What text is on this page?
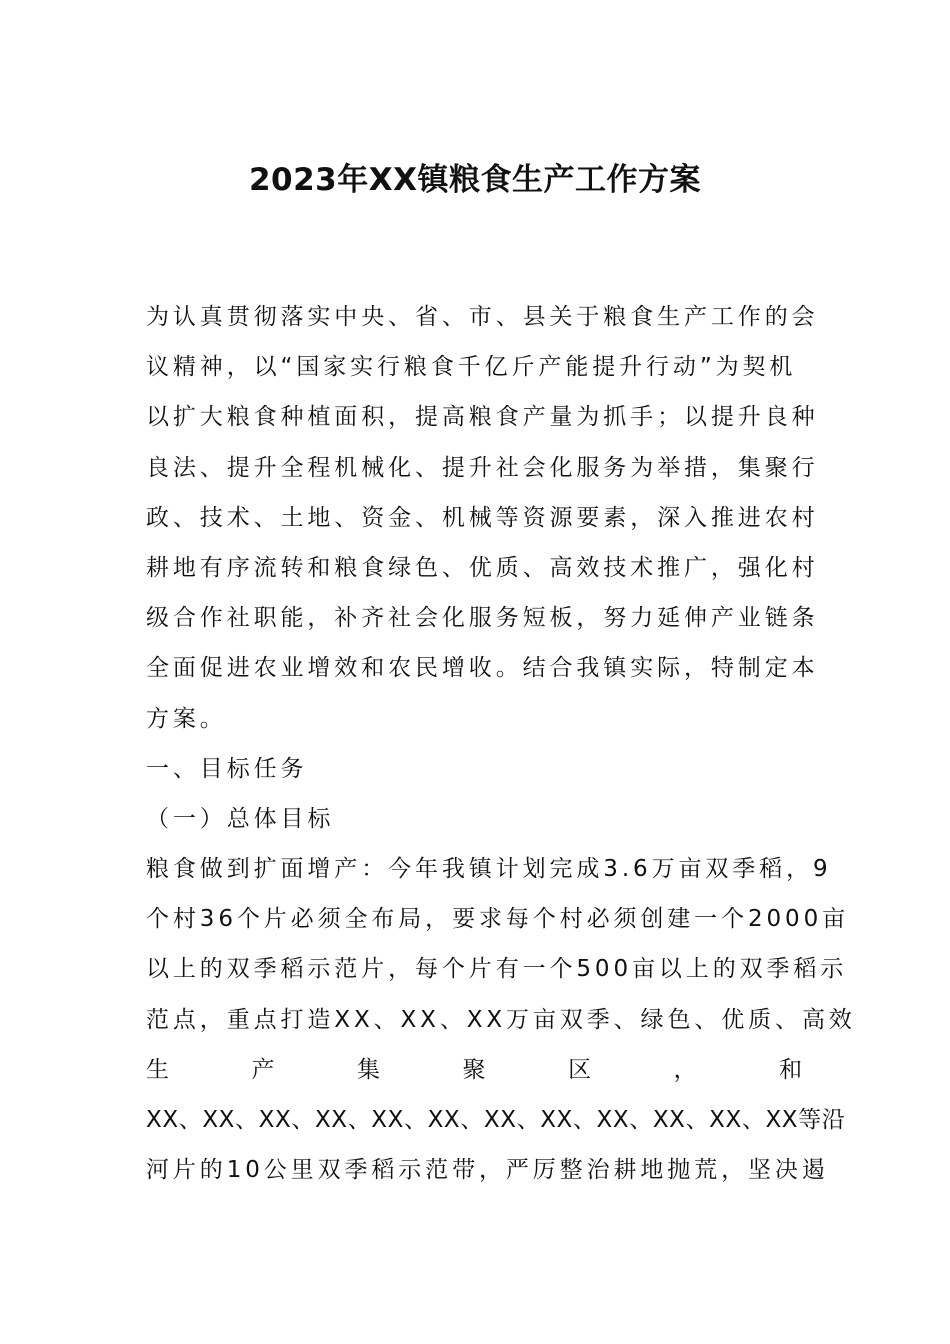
2023年XX镇粮食生产工作方案

为认真贯彻落实中央、省、市、县关于粮食生产工作的会
议精神，以“国家实行粮食千亿斤产能提升行动”为契机
以扩大粮食种植面积，提高粮食产量为抓手；以提升良种
良法、提升全程机械化、提升社会化服务为举措，集聚行
政、技术、土地、资金、机械等资源要素，深入推进农村
耕地有序流转和粮食绿色、优质、高效技术推广，强化村
级合作社职能，补齐社会化服务短板，努力延伸产业链条
全面促进农业增效和农民增收。结合我镇实际，特制定本
方案。

一、目标任务

（一）总体目标

粮食做到扩面增产：今年我镇计划完成3.6万亩双季稻，9
个村36个片必须全布局，要求每个村必须创建一个2000亩
以上的双季稻示范片，每个片有一个500亩以上的双季稻示
范点，重点打造XX、XX、XX万亩双季、绿色、优质、高效
生	产	集	聚	区	，	和
XX、XX、XX、XX、XX、XX、XX、XX、XX、XX、XX、XX等沿
河片的10公里双季稻示范带，严厉整治耕地抛荒，坚决遏
